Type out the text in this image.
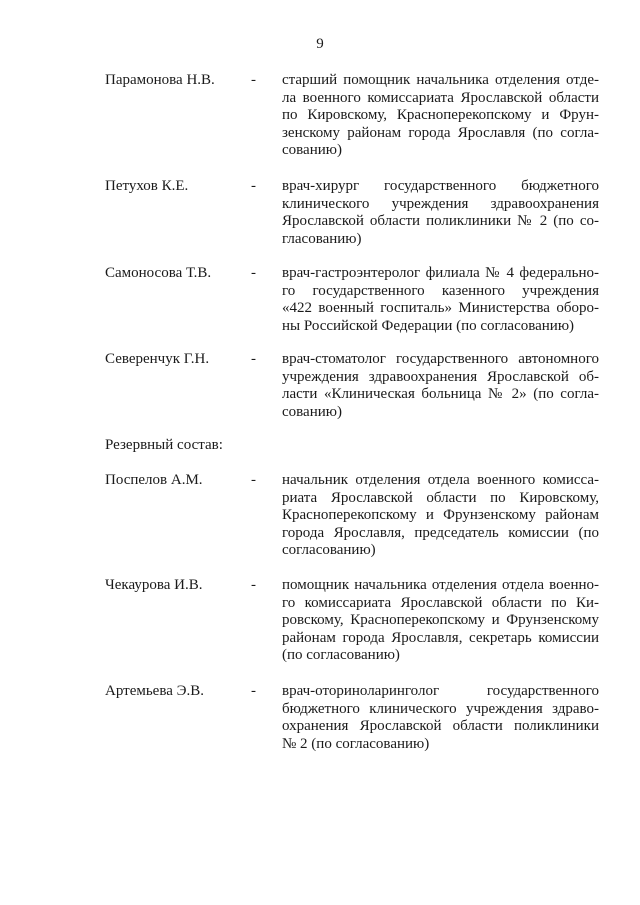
9
Парамонова Н.В. - старший помощник начальника отделения отде-
ла военного комиссариата Ярославской области
по Кировскому, Красноперекопскому и Фрун-
зенскому районам города Ярославля (по согла-
сованию)
Петухов К.Е.	- врач-хирург государственного бюджетного
клинического учреждения здравоохранения
Ярославской области поликлиники № 2 (по со-
гласованию)
Самоносова Т.В.	- врач-гастроэнтеролог филиала № 4 федерально-
го государственного казенного учреждения
«422 военный госпиталь» Министерства оборо-
ны Российской Федерации (по согласованию)
Северенчук Г.Н.	- врач-стоматолог государственного автономного
учреждения здравоохранения Ярославской об-
ласти «Клиническая больница № 2» (по согла-
сованию)
Резервный состав:
Поспелов А.М.	- начальник отделения отдела военного комисса-
риата Ярославской области по Кировскому,
Красноперекопскому и Фрунзенскому районам
города Ярославля, председатель комиссии (по
согласованию)
Чекаурова И.В.	- помощник начальника отделения отдела военно-
го комиссариата Ярославской области по Ки-
ровскому, Красноперекопскому и Фрунзенскому
районам города Ярославля, секретарь комиссии
(по согласованию)
Артемьева Э.В.	- врач-оториноларинголог государственного
бюджетного клинического учреждения здраво-
охранения Ярославской области поликлиники
№ 2 (по согласованию)
